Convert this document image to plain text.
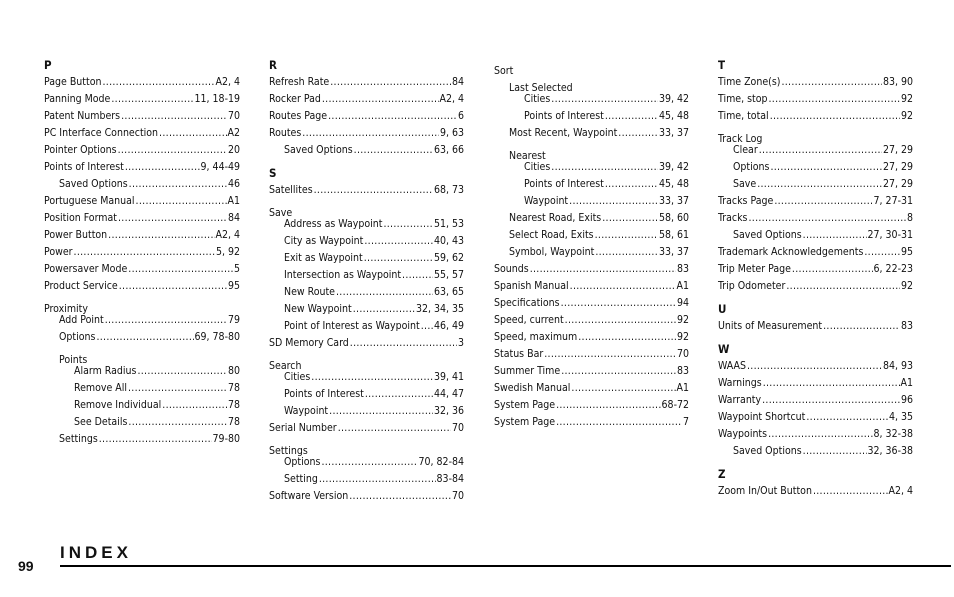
P
Page Button .....	A2, 4
Panning Mode .....	11, 18-19
Patent Numbers .....	70
PC Interface Connection .....	A2
Pointer Options .....	20
Points of Interest .....	9, 44-49
Saved Options .....	46
Portuguese Manual .....	A1
Position Format .....	84
Power Button .....	A2, 4
Power .....	5, 92
Powersaver Mode .....	5
Product Service .....	95
Proximity
Add Point .....	79
Options .....	69, 78-80
Points
Alarm Radius .....	80
Remove All .....	78
Remove Individual .....	78
See Details .....	78
Settings .....	79-80
R
Refresh Rate .....	84
Rocker Pad .....	A2, 4
Routes Page .....	6
Routes .....	9, 63
Saved Options .....	63, 66
S
Satellites .....	68, 73
Save
Address as Waypoint .....	51, 53
City as Waypoint .....	40, 43
Exit as Waypoint .....	59, 62
Intersection as Waypoint .....	55, 57
New Route .....	63, 65
New Waypoint .....	32, 34, 35
Point of Interest as Waypoint ..... 46, 49
SD Memory Card .....	3
Search
Cities .....	39, 41
Points of Interest .....	44, 47
Waypoint .....	32, 36
Serial Number .....	70
Settings
Options .....	70, 82-84
Setting .....	83-84
Software Version .....	70
Sort
Last Selected
Cities .....	39, 42
Points of Interest .....	45, 48
Most Recent, Waypoint .....	33, 37
Nearest
Cities .....	39, 42
Points of Interest .....	45, 48
Waypoint .....	33, 37
Nearest Road, Exits .....	58, 60
Select Road, Exits .....	58, 61
Symbol, Waypoint .....	33, 37
Sounds .....	83
Spanish Manual .....	A1
Specifications .....	94
Speed, current .....	92
Speed, maximum .....	92
Status Bar .....	70
Summer Time .....	83
Swedish Manual .....	A1
System Page .....	68-72
System Page .....	7
T
Time Zone(s) .....	83, 90
Time, stop .....	92
Time, total .....	92
Track Log
Clear .....	27, 29
Options .....	27, 29
Save .....	27, 29
Tracks Page .....	7, 27-31
Tracks .....	8
Saved Options .....	27, 30-31
Trademark Acknowledgements .....	95
Trip Meter Page .....	6, 22-23
Trip Odometer .....	92
U
Units of Measurement .....	83
W
WAAS .....	84, 93
Warnings .....	A1
Warranty .....	96
Waypoint Shortcut .....	4, 35
Waypoints .....	8, 32-38
Saved Options .....	32, 36-38
Z
Zoom In/Out Button .....	A2, 4
99
INDEX
